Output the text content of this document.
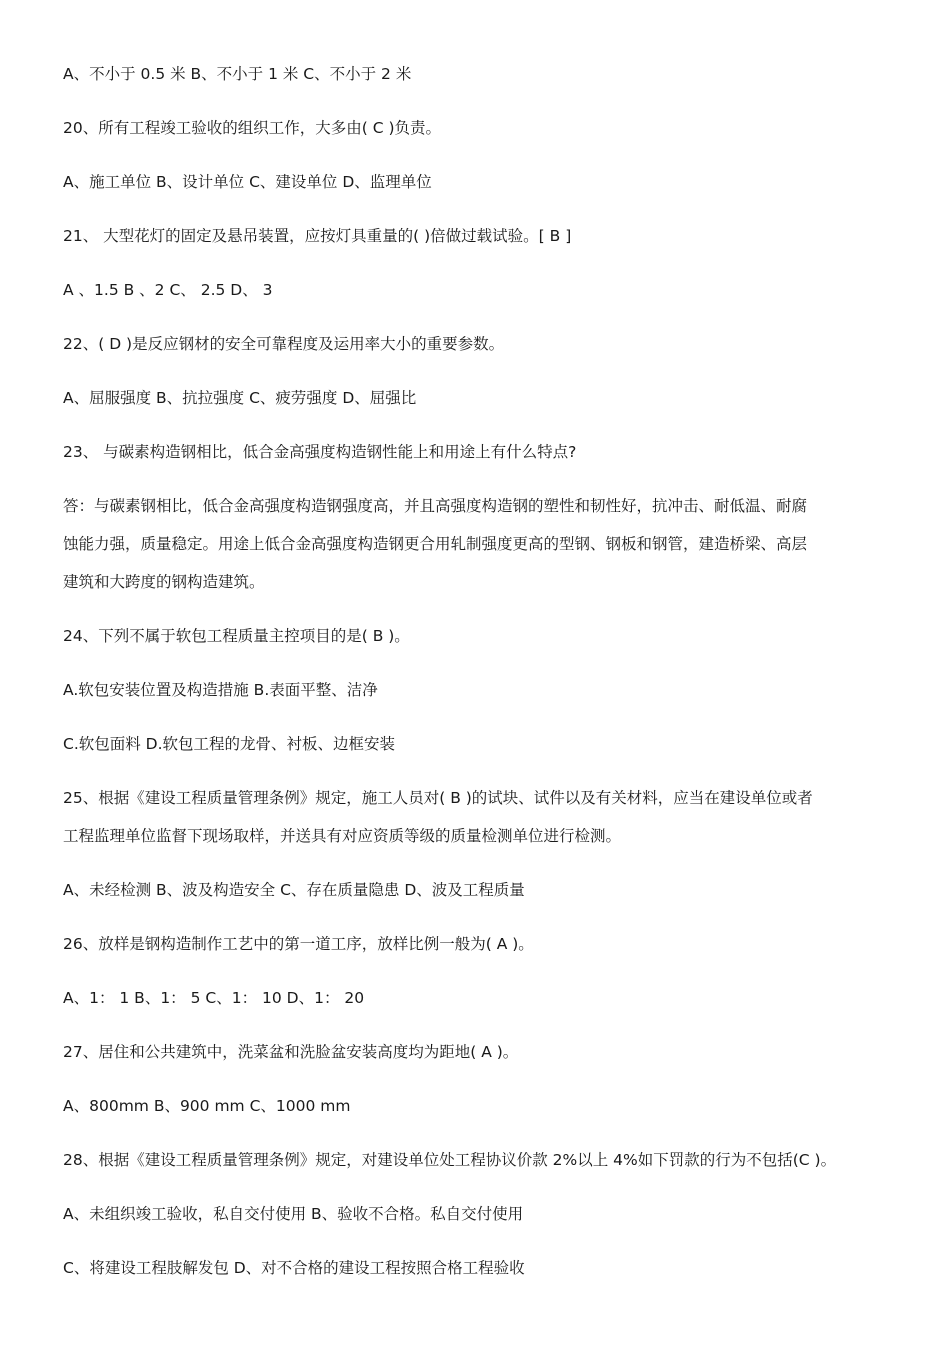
A、不小于 0.5 米 B、不小于 1 米 C、不小于 2 米
20、所有工程竣工验收的组织工作，大多由( C )负责。
A、施工单位 B、设计单位 C、建设单位 D、监理单位
21、 大型花灯的固定及悬吊装置，应按灯具重量的( )倍做过载试验。[ B ]
A 、1.5 B 、2 C、 2.5 D、 3
22、( D )是反应钢材的安全可靠程度及运用率大小的重要参数。
A、屈服强度 B、抗拉强度 C、疲劳强度 D、屈强比
23、 与碳素构造钢相比，低合金高强度构造钢性能上和用途上有什么特点?
答：与碳素钢相比，低合金高强度构造钢强度高，并且高强度构造钢的塑性和韧性好，抗冲击、耐低温、耐腐
蚀能力强，质量稳定。用途上低合金高强度构造钢更合用轧制强度更高的型钢、钢板和钢管，建造桥梁、高层
建筑和大跨度的钢构造建筑。
24、下列不属于软包工程质量主控项目的是( B )。
A.软包安装位置及构造措施 B.表面平整、洁净
C.软包面料 D.软包工程的龙骨、衬板、边框安装
25、根据《建设工程质量管理条例》规定，施工人员对( B )的试块、试件以及有关材料，应当在建设单位或者
工程监理单位监督下现场取样，并送具有对应资质等级的质量检测单位进行检测。
A、未经检测 B、波及构造安全 C、存在质量隐患 D、波及工程质量
26、放样是钢构造制作工艺中的第一道工序，放样比例一般为( A )。
A、1： 1 B、1： 5 C、1： 10 D、1： 20
27、居住和公共建筑中，洗菜盆和洗脸盆安装高度均为距地( A )。
A、800mm B、900 mm C、1000 mm
28、根据《建设工程质量管理条例》规定，对建设单位处工程协议价款 2%以上 4%如下罚款的行为不包括(C )。
A、未组织竣工验收，私自交付使用 B、验收不合格。私自交付使用
C、将建设工程肢解发包 D、对不合格的建设工程按照合格工程验收
